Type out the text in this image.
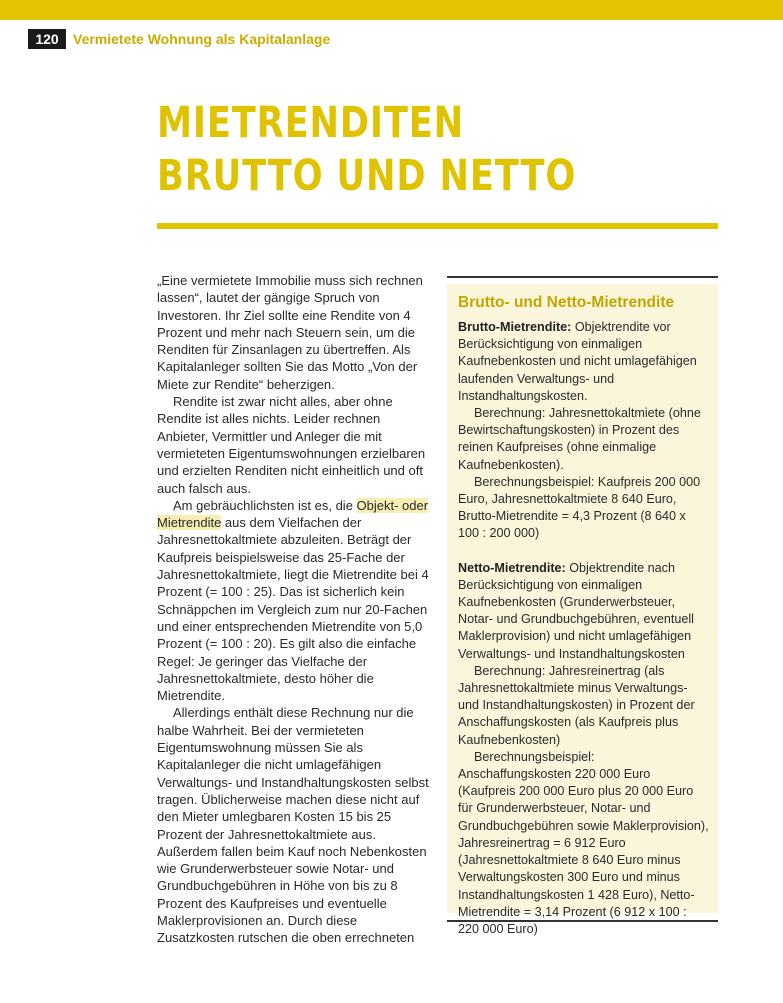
120	Vermietete Wohnung als Kapitalanlage
MIETRENDITEN
BRUTTO UND NETTO

„Eine vermietete Immobilie muss sich rechnen lassen“, lautet der gängige Spruch von Investoren. Ihr Ziel sollte eine Rendite von 4 Prozent und mehr nach Steuern sein, um die Renditen für Zinsanlagen zu übertreffen. Als Kapitalanleger sollten Sie das Motto „Von der Miete zur Rendite“ beherzigen.

Rendite ist zwar nicht alles, aber ohne Rendite ist alles nichts. Leider rechnen Anbieter, Vermittler und Anleger die mit vermieteten Eigentumswohnungen erzielbaren und erzielten Renditen nicht einheitlich und oft auch falsch aus.

Am gebräuchlichsten ist es, die Objekt- oder Mietrendite aus dem Vielfachen der Jahresnettokaltmiete abzuleiten. Beträgt der Kaufpreis beispielsweise das 25-Fache der Jahresnettokaltmiete, liegt die Mietrendite bei 4 Prozent (= 100 : 25). Das ist sicherlich kein Schnäppchen im Vergleich zum nur 20-Fachen und einer entsprechenden Mietrendite von 5,0 Prozent (= 100 : 20). Es gilt also die einfache Regel: Je geringer das Vielfache der Jahresnettokaltmiete, desto höher die Mietrendite.

Allerdings enthält diese Rechnung nur die halbe Wahrheit. Bei der vermieteten Eigentumswohnung müssen Sie als Kapitalanleger die nicht umlagefähigen Verwaltungs- und Instandhaltungskosten selbst tragen. Üblicherweise machen diese nicht auf den Mieter umlegbaren Kosten 15 bis 25 Prozent der Jahresnettokaltmiete aus. Außerdem fallen beim Kauf noch Nebenkosten wie Grunderwerbsteuer sowie Notar- und Grundbuchgebühren in Höhe von bis zu 8 Prozent des Kaufpreises und eventuelle Maklerprovisionen an. Durch diese Zusatzkosten rutschen die oben errechneten

Brutto- und Netto-Mietrendite

Brutto-Mietrendite: Objektrendite vor Berücksichtigung von einmaligen Kaufnebenkosten und nicht umlagefähigen laufenden Verwaltungs- und Instandhaltungskosten.

Berechnung: Jahresnettokaltmiete (ohne Bewirtschaftungskosten) in Prozent des reinen Kaufpreises (ohne einmalige Kaufnebenkosten).

Berechnungsbeispiel: Kaufpreis 200 000 Euro, Jahresnettokaltmiete 8 640 Euro, Brutto-Mietrendite = 4,3 Prozent (8 640 x 100 : 200 000)

Netto-Mietrendite: Objektrendite nach Berücksichtigung von einmaligen Kaufnebenkosten (Grunderwerbsteuer, Notar- und Grundbuchgebühren, eventuell Maklerprovision) und nicht umlagefähigen Verwaltungs- und Instandhaltungskosten

Berechnung: Jahresreinertrag (als Jahresnettokaltmiete minus Verwaltungs- und Instandhaltungskosten) in Prozent der Anschaffungskosten (als Kaufpreis plus Kaufnebenkosten)

Berechnungsbeispiel: Anschaffungskosten 220 000 Euro (Kaufpreis 200 000 Euro plus 20 000 Euro für Grunderwerbsteuer, Notar- und Grundbuchgebühren sowie Maklerprovision), Jahresreinertrag = 6 912 Euro (Jahresnettokaltmiete 8 640 Euro minus Verwaltungskosten 300 Euro und minus Instandhaltungskosten 1 428 Euro), Netto-Mietrendite = 3,14 Prozent (6 912 x 100 : 220 000 Euro)
